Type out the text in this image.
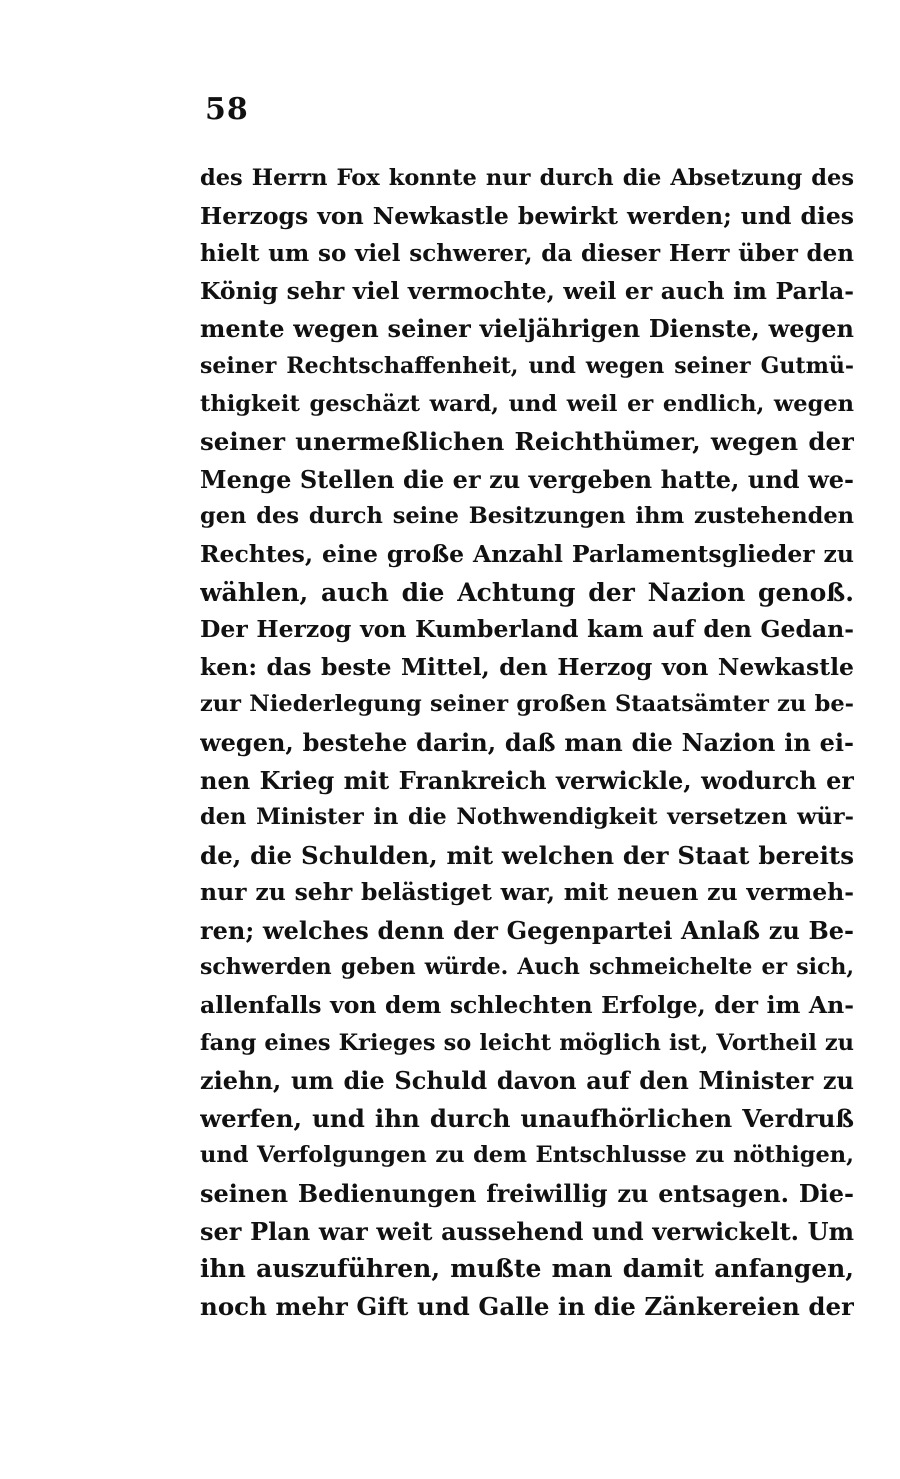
58
des Herrn Fox konnte nur durch die Absetzung des
Herzogs von Newkastle bewirkt werden; und dies
hielt um so viel schwerer, da dieser Herr über den
König sehr viel vermochte, weil er auch im Parla-
mente wegen seiner vieljährigen Dienste, wegen
seiner Rechtschaffenheit, und wegen seiner Gutmü-
thigkeit geschäzt ward, und weil er endlich, wegen
seiner unermeßlichen Reichthümer, wegen der
Menge Stellen die er zu vergeben hatte, und we-
gen des durch seine Besitzungen ihm zustehenden
Rechtes, eine große Anzahl Parlamentsglieder zu
wählen, auch die Achtung der Nazion genoß.
Der Herzog von Kumberland kam auf den Gedan-
ken: das beste Mittel, den Herzog von Newkastle
zur Niederlegung seiner großen Staatsämter zu be-
wegen, bestehe darin, daß man die Nazion in ei-
nen Krieg mit Frankreich verwickle, wodurch er
den Minister in die Nothwendigkeit versetzen wür-
de, die Schulden, mit welchen der Staat bereits
nur zu sehr belästiget war, mit neuen zu vermeh-
ren; welches denn der Gegenpartei Anlaß zu Be-
schwerden geben würde. Auch schmeichelte er sich,
allenfalls von dem schlechten Erfolge, der im An-
fang eines Krieges so leicht möglich ist, Vortheil zu
ziehn, um die Schuld davon auf den Minister zu
werfen, und ihn durch unaufhörlichen Verdruß
und Verfolgungen zu dem Entschlusse zu nöthigen,
seinen Bedienungen freiwillig zu entsagen. Die-
ser Plan war weit aussehend und verwickelt. Um
ihn auszuführen, mußte man damit anfangen,
noch mehr Gift und Galle in die Zänkereien der
